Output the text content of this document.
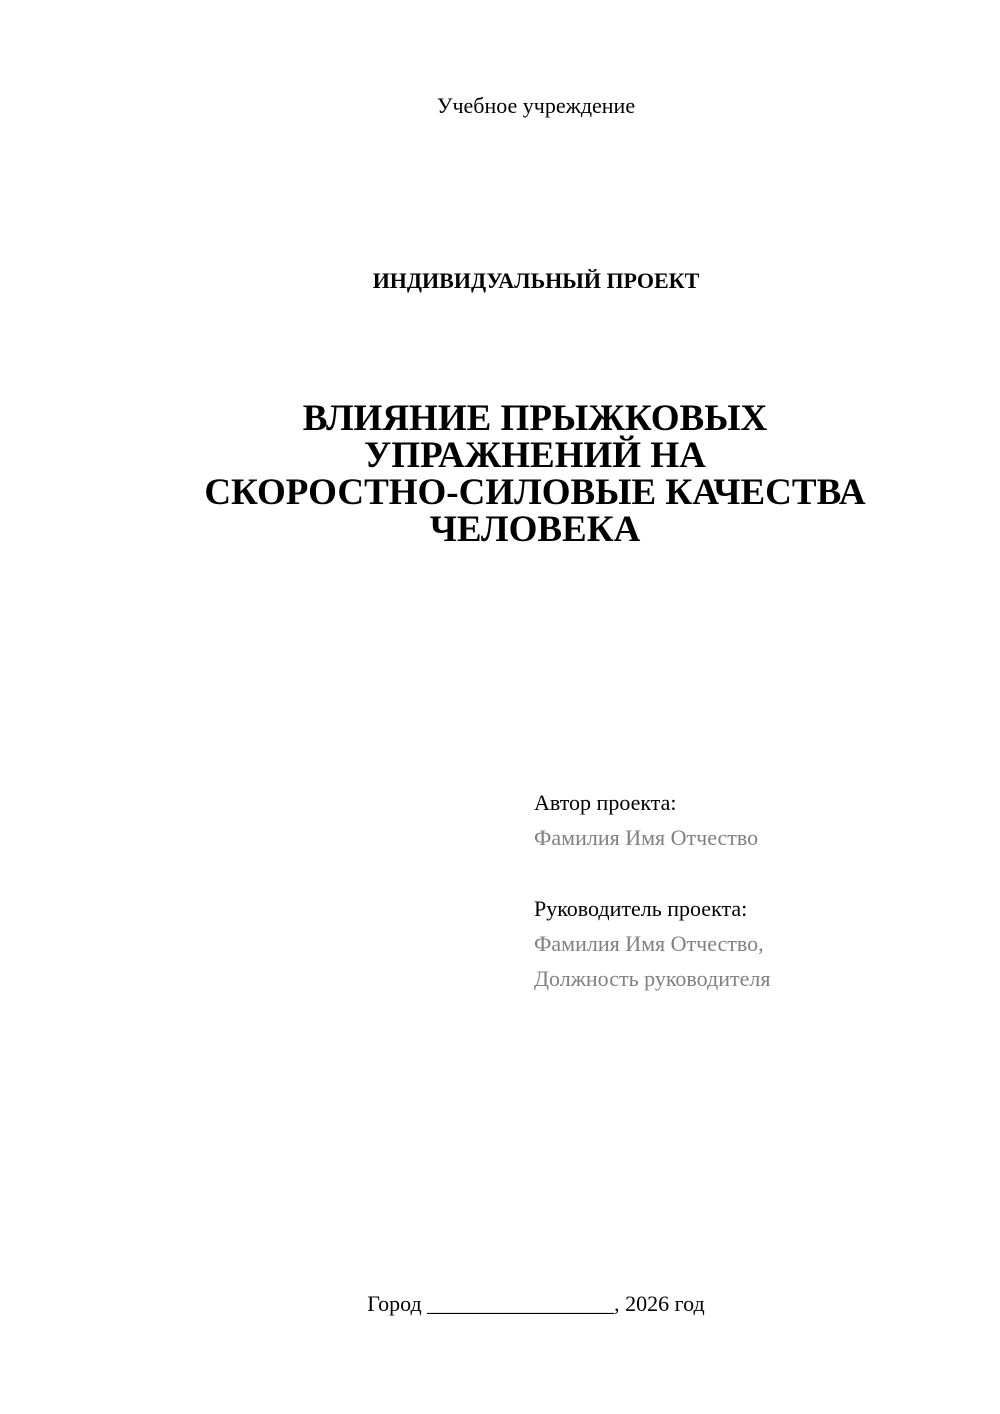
Учебное учреждение
ИНДИВИДУАЛЬНЫЙ ПРОЕКТ
ВЛИЯНИЕ ПРЫЖКОВЫХ
УПРАЖНЕНИЙ НА
СКОРОСТНО-СИЛОВЫЕ КАЧЕСТВА
ЧЕЛОВЕКА
Автор проекта:
Фамилия Имя Отчество
Руководитель проекта:
Фамилия Имя Отчество,
Должность руководителя
Город _________________, 2026 год
